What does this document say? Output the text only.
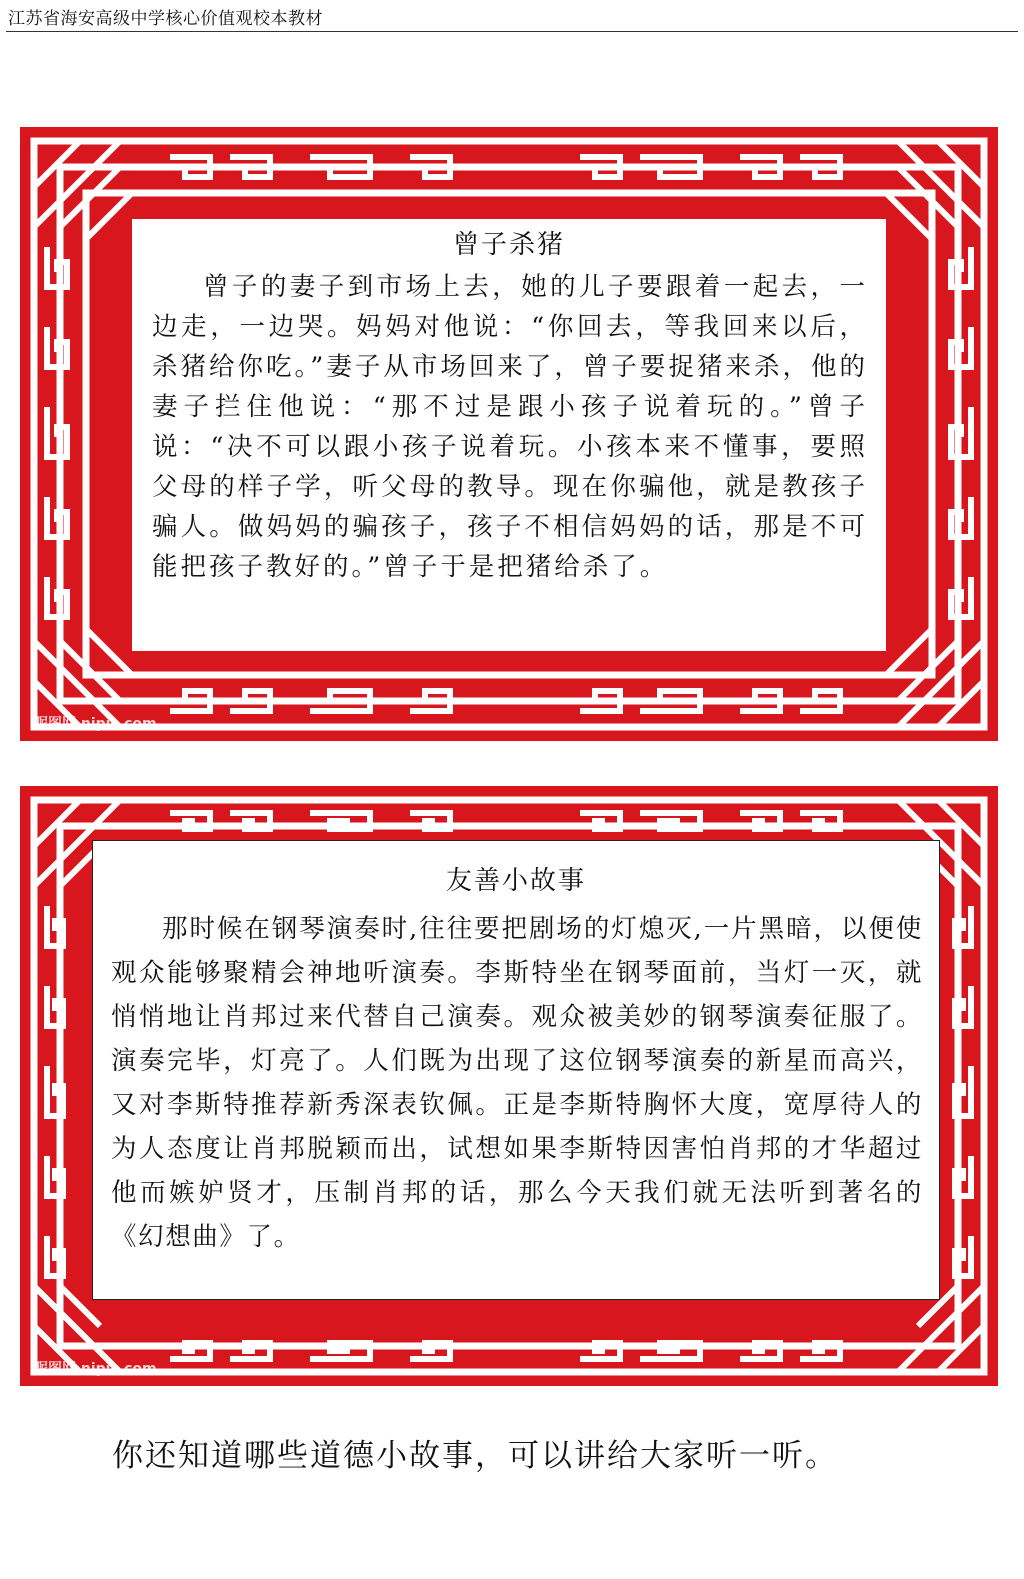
江苏省海安高级中学核心价值观校本教材
曾子杀猪
曾子的妻子到市场上去，她的儿子要跟着一起去，一边走，一边哭。妈妈对他说：“你回去，等我回来以后，杀猪给你吃。”妻子从市场回来了，曾子要捉猪来杀，他的妻子拦住他说：“那不过是跟小孩子说着玩的。”曾子说：“决不可以跟小孩子说着玩。小孩本来不懂事，要照父母的样子学，听父母的教导。现在你骗他，就是教孩子骗人。做妈妈的骗孩子，孩子不相信妈妈的话，那是不可能把孩子教好的。”曾子于是把猪给杀了。
昵图网 nipic.com
友善小故事
那时候在钢琴演奏时,往往要把剧场的灯熄灭,一片黑暗，以便使观众能够聚精会神地听演奏。李斯特坐在钢琴面前，当灯一灭，就悄悄地让肖邦过来代替自己演奏。观众被美妙的钢琴演奏征服了。演奏完毕，灯亮了。人们既为出现了这位钢琴演奏的新星而高兴，又对李斯特推荐新秀深表钦佩。正是李斯特胸怀大度，宽厚待人的为人态度让肖邦脱颖而出，试想如果李斯特因害怕肖邦的才华超过他而嫉妒贤才，压制肖邦的话，那么今天我们就无法听到著名的《幻想曲》了。
昵图网 nipic.com
你还知道哪些道德小故事，可以讲给大家听一听。
